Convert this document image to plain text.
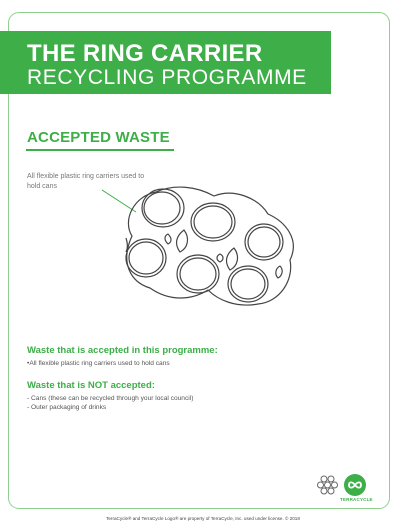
THE RING CARRIER
RECYCLING PROGRAMME
ACCEPTED WASTE
All flexible plastic ring carriers used to hold cans
Waste that is accepted in this programme:
• All flexible plastic ring carriers used to hold cans
Waste that is NOT accepted:
- Cans (these can be recycled through your local council)
- Outer packaging of drinks
TERRACYCLE
TerraCycle® and TerraCycle Logo® are property of TerraCycle, Inc. used under license. © 2018
